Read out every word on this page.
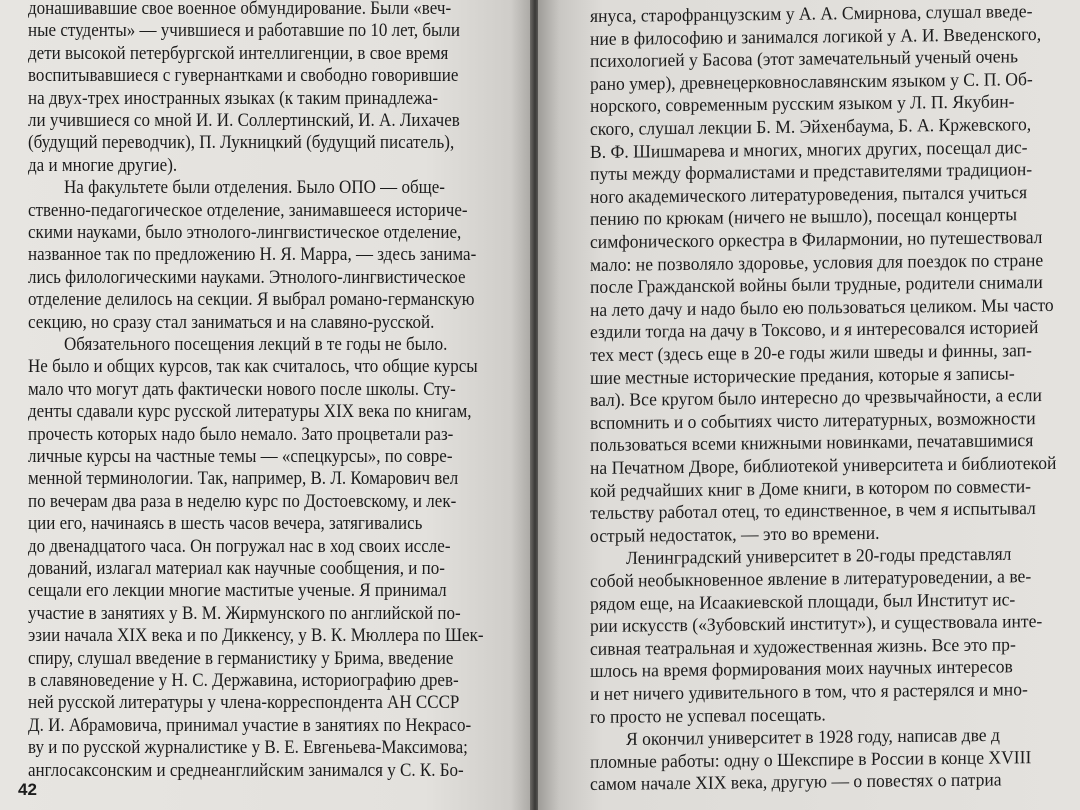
донашивавшие свое военное обмундирование. Были «веч-
ные студенты» — учившиеся и работавшие по 10 лет, были
дети высокой петербургской интеллигенции, в свое время
воспитывавшиеся с гувернантками и свободно говорившие
на двух-трех иностранных языках (к таким принадлежа-
ли учившиеся со мной И. И. Соллертинский, И. А. Лихачев
(будущий переводчик), П. Лукницкий (будущий писатель),
да и многие другие).
На факультете были отделения. Было ОПО — обще-
ственно-педагогическое отделение, занимавшееся историче-
скими науками, было этнолого-лингвистическое отделение,
названное так по предложению Н. Я. Марра, — здесь занима-
лись филологическими науками. Этнолого-лингвистическое
отделение делилось на секции. Я выбрал романо-германскую
секцию, но сразу стал заниматься и на славяно-русской.
Обязательного посещения лекций в те годы не было.
Не было и общих курсов, так как считалось, что общие курсы
мало что могут дать фактически нового после школы. Сту-
денты сдавали курс русской литературы XIX века по книгам,
прочесть которых надо было немало. Зато процветали раз-
личные курсы на частные темы — «спецкурсы», по совре-
менной терминологии. Так, например, В. Л. Комарович вел
по вечерам два раза в неделю курс по Достоевскому, и лек-
ции его, начинаясь в шесть часов вечера, затягивались
до двенадцатого часа. Он погружал нас в ход своих иссле-
дований, излагал материал как научные сообщения, и по-
сещали его лекции многие маститые ученые. Я принимал
участие в занятиях у В. М. Жирмунского по английской по-
эзии начала XIX века и по Диккенсу, у В. К. Мюллера по Шек-
спиру, слушал введение в германистику у Брима, введение
в славяноведение у Н. С. Державина, историографию древ-
ней русской литературы у члена-корреспондента АН СССР
Д. И. Абрамовича, принимал участие в занятиях по Некрасо-
ву и по русской журналистике у В. Е. Евгеньева-Максимова;
англосаксонским и среднеанглийским занимался у С. К. Бо-
42
януса, старофранцузским у А. А. Смирнова, слушал введе-
ние в философию и занимался логикой у А. И. Введенского,
психологией у Басова (этот замечательный ученый очень
рано умер), древнецерковнославянским языком у С. П. Об-
норского, современным русским языком у Л. П. Якубин-
ского, слушал лекции Б. М. Эйхенбаума, Б. А. Кржевского,
В. Ф. Шишмарева и многих, многих других, посещал дис-
путы между формалистами и представителями традицион-
ного академического литературоведения, пытался учиться
пению по крюкам (ничего не вышло), посещал концерты
симфонического оркестра в Филармонии, но путешествовал
мало: не позволяло здоровье, условия для поездок по стране
после Гражданской войны были трудные, родители снимали
на лето дачу и надо было ею пользоваться целиком. Мы часто
ездили тогда на дачу в Токсово, и я интересовался историей
тех мест (здесь еще в 20-е годы жили шведы и финны, зап-
шие местные исторические предания, которые я записы-
вал). Все кругом было интересно до чрезвычайности, а если
вспомнить и о событиях чисто литературных, возможности
пользоваться всеми книжными новинками, печатавшимися
на Печатном Дворе, библиотекой университета и библиотекой
кой редчайших книг в Доме книги, в котором по совмести-
тельству работал отец, то единственное, в чем я испытывал
острый недостаток, — это во времени.
Ленинградский университет в 20-годы представлял
собой необыкновенное явление в литературоведении, а ве-
рядом еще, на Исаакиевской площади, был Институт ис-
рии искусств («Зубовский институт»), и существовала инте-
сивная театральная и художественная жизнь. Все это пр-
шлось на время формирования моих научных интересов
и нет ничего удивительного в том, что я растерялся и мно-
го просто не успевал посещать.
Я окончил университет в 1928 году, написав две д
пломные работы: одну о Шекспире в России в конце XVIII
самом начале XIX века, другую — о повестях о патриа
